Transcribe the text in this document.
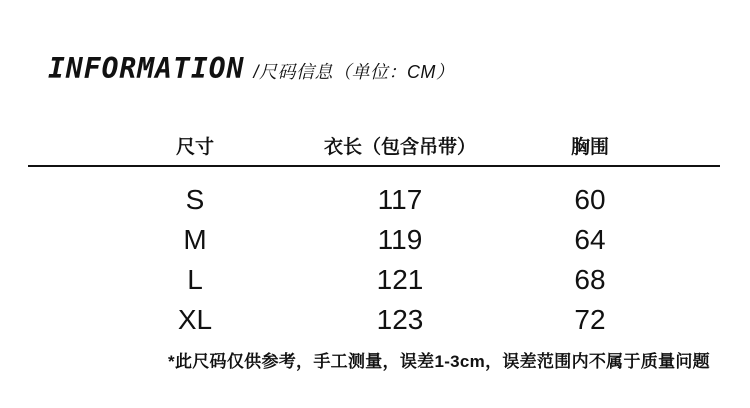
INFORMATION /尺码信息（单位：CM）
尺寸	衣长（包含吊带）	胸围
S	117	60
M	119	64
L	121	68
XL	123	72

*此尺码仅供参考，手工测量，误差1-3cm，误差范围内不属于质量问题
